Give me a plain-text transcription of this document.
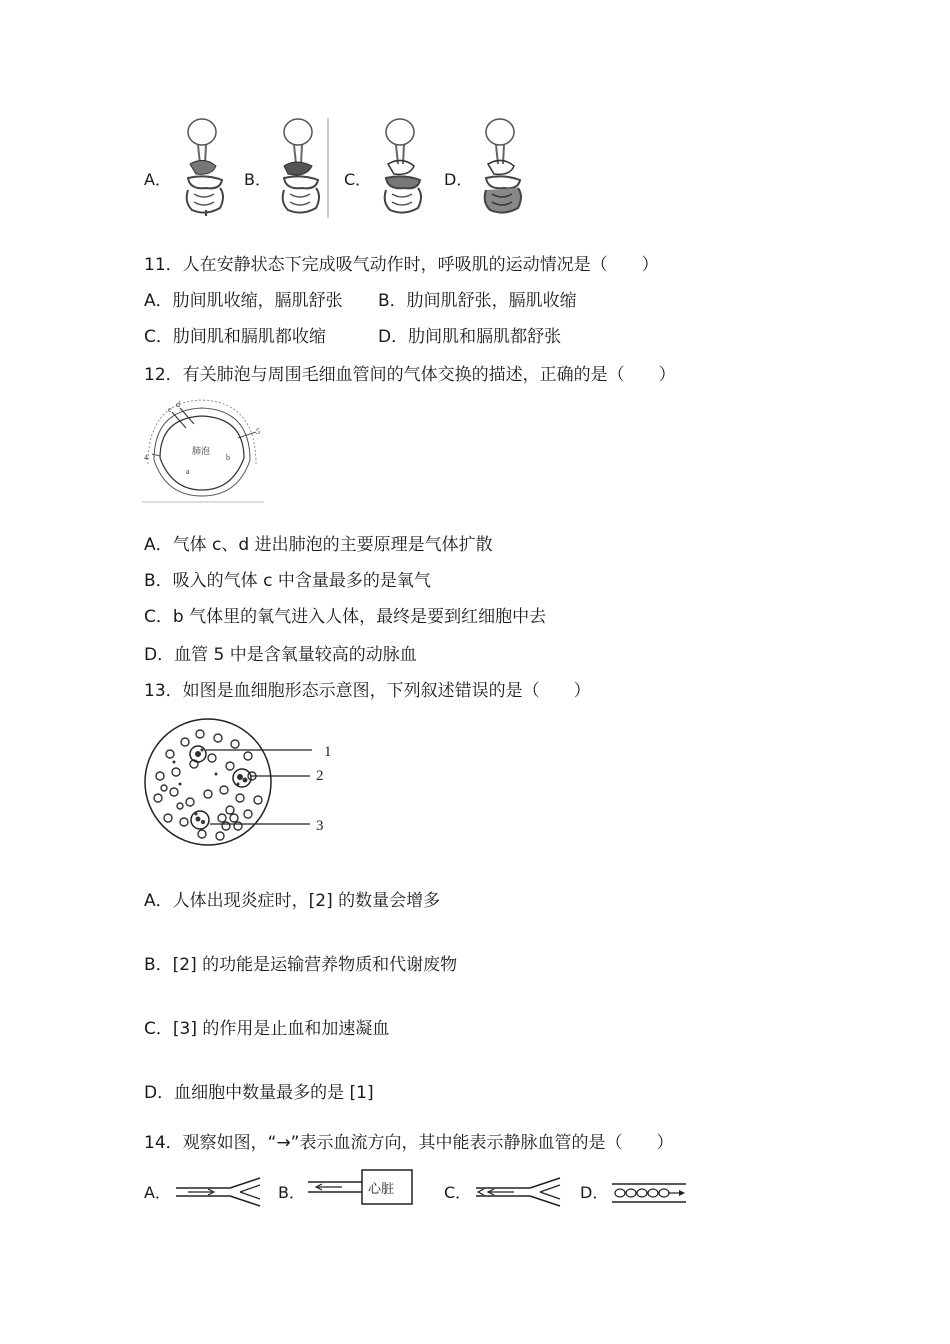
A．	B．	C．	D．
11．人在安静状态下完成吸气动作时，呼吸肌的运动情况是（　　）
A．肋间肌收缩，膈肌舒张 B．肋间肌舒张，膈肌收缩
C．肋间肌和膈肌都收缩	D．肋间肌和膈肌都舒张
12．有关肺泡与周围毛细血管间的气体交换的描述，正确的是（　　）
肺泡
c
d
a
b
4
5
A．气体 c、d 进出肺泡的主要原理是气体扩散
B．吸入的气体 c 中含量最多的是氧气
C．b 气体里的氧气进入人体，最终是要到红细胞中去
D．血管 5 中是含氧量较高的动脉血
13．如图是血细胞形态示意图，下列叙述错误的是（　　）
1
2
3
A．人体出现炎症时，[2] 的数量会增多
B．[2] 的功能是运输营养物质和代谢废物
C．[3] 的作用是止血和加速凝血
D．血细胞中数量最多的是 [1]
14．观察如图，“→”表示血流方向，其中能表示静脉血管的是（　　）
A．	B．	心脏	C．	D．
